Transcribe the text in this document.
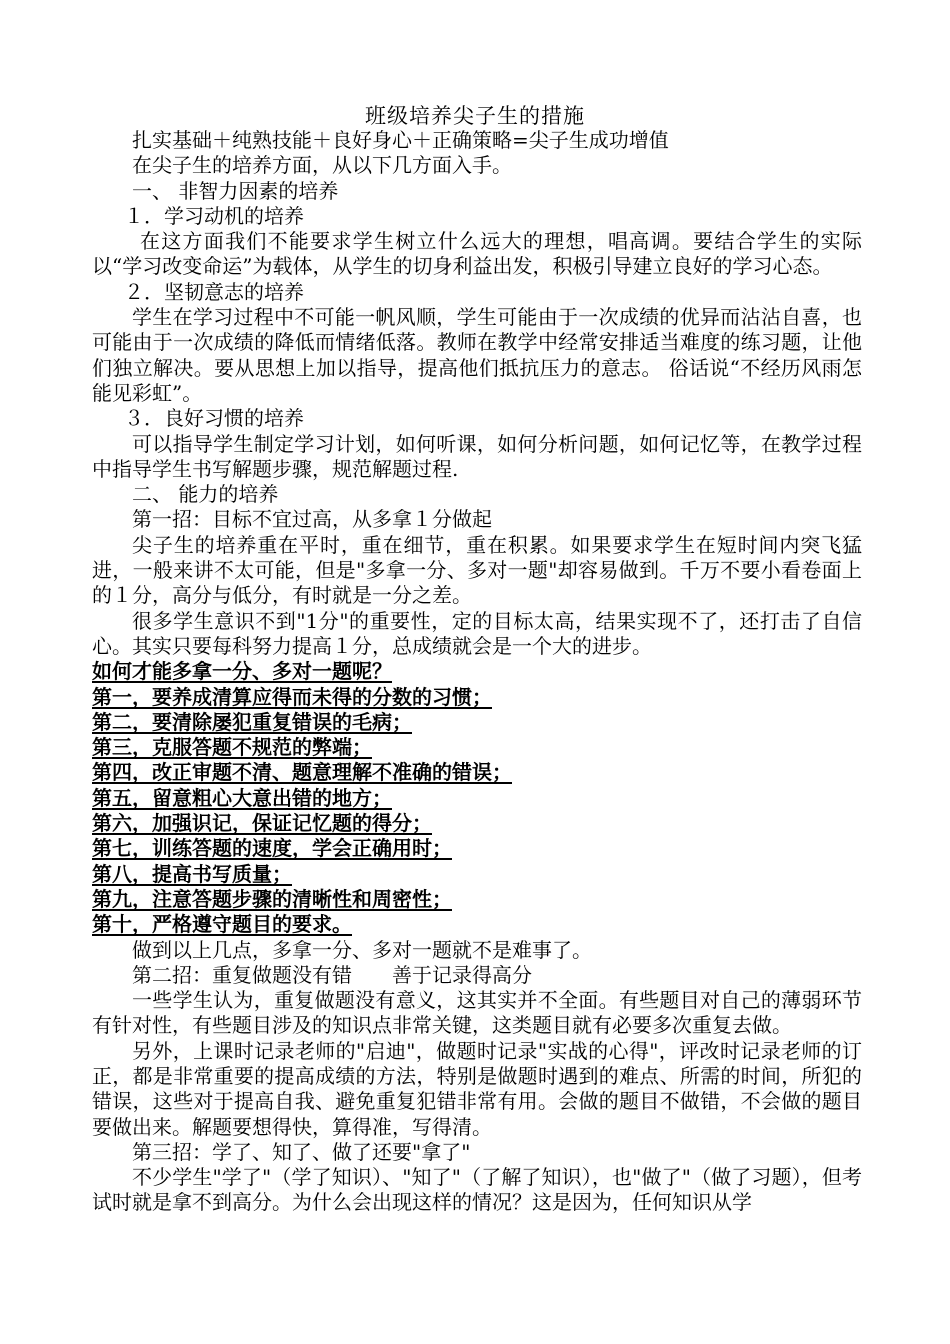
班级培养尖子生的措施

扎实基础＋纯熟技能＋良好身心＋正确策略=尖子生成功增值

在尖子生的培养方面，从以下几方面入手。

一、 非智力因素的培养

１．学习动机的培养

在这方面我们不能要求学生树立什么远大的理想，唱高调。要结合学生的实际以“学习改变命运”为载体，从学生的切身利益出发，积极引导建立良好的学习心态。

２．坚韧意志的培养

学生在学习过程中不可能一帆风顺，学生可能由于一次成绩的优异而沾沾自喜，也可能由于一次成绩的降低而情绪低落。教师在教学中经常安排适当难度的练习题，让他们独立解决。要从思想上加以指导，提高他们抵抗压力的意志。 俗话说“不经历风雨怎能见彩虹”。

３．良好习惯的培养

可以指导学生制定学习计划，如何听课，如何分析问题，如何记忆等，在教学过程中指导学生书写解题步骤，规范解题过程.

二、 能力的培养

第一招：目标不宜过高，从多拿１分做起

尖子生的培养重在平时，重在细节，重在积累。如果要求学生在短时间内突飞猛进，一般来讲不太可能，但是"多拿一分、多对一题"却容易做到。千万不要小看卷面上的１分，高分与低分，有时就是一分之差。

很多学生意识不到"1分"的重要性，定的目标太高，结果实现不了，还打击了自信心。其实只要每科努力提高１分，总成绩就会是一个大的进步。

如何才能多拿一分、多对一题呢？

第一，要养成清算应得而未得的分数的习惯；

第二，要清除屡犯重复错误的毛病；

第三，克服答题不规范的弊端；

第四，改正审题不清、题意理解不准确的错误；

第五，留意粗心大意出错的地方；

第六，加强识记，保证记忆题的得分；

第七，训练答题的速度，学会正确用时；

第八，提高书写质量；

第九，注意答题步骤的清晰性和周密性；

第十，严格遵守题目的要求。

做到以上几点，多拿一分、多对一题就不是难事了。

第二招：重复做题没有错　　善于记录得高分

一些学生认为，重复做题没有意义，这其实并不全面。有些题目对自己的薄弱环节有针对性，有些题目涉及的知识点非常关键，这类题目就有必要多次重复去做。

另外，上课时记录老师的"启迪"，做题时记录"实战的心得"，评改时记录老师的订正，都是非常重要的提高成绩的方法，特别是做题时遇到的难点、所需的时间，所犯的错误，这些对于提高自我、避免重复犯错非常有用。会做的题目不做错，不会做的题目要做出来。解题要想得快，算得准，写得清。

第三招：学了、知了、做了还要"拿了"

不少学生"学了"（学了知识）、"知了"（了解了知识），也"做了"（做了习题），但考试时就是拿不到高分。为什么会出现这样的情况？这是因为，任何知识从学
